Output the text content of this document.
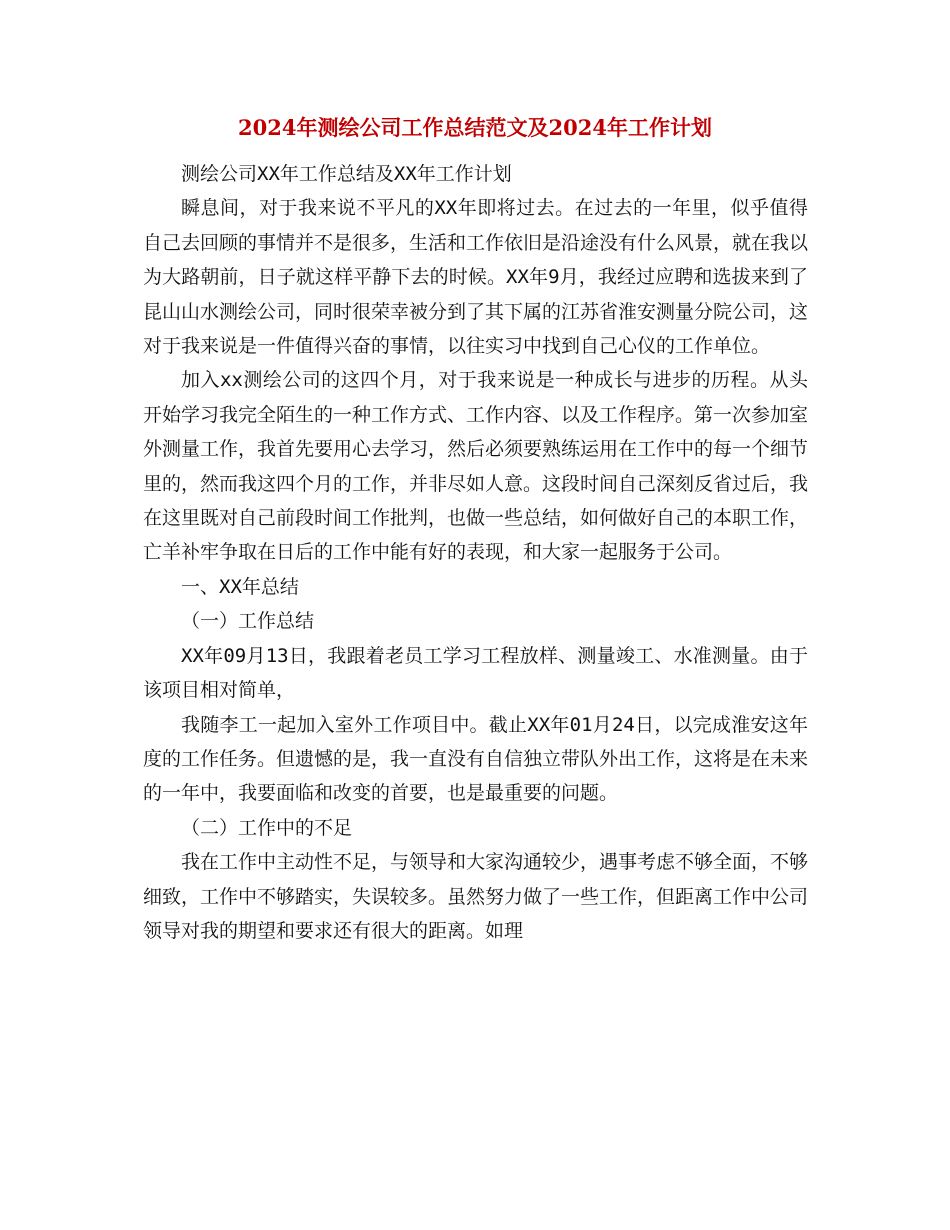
2024年测绘公司工作总结范文及2024年工作计划

测绘公司XX年工作总结及XX年工作计划

瞬息间，对于我来说不平凡的XX年即将过去。在过去的一年里，似乎值得自己去回顾的事情并不是很多，生活和工作依旧是沿途没有什么风景，就在我以为大路朝前，日子就这样平静下去的时候。XX年9月，我经过应聘和选拔来到了昆山山水测绘公司，同时很荣幸被分到了其下属的江苏省淮安测量分院公司，这对于我来说是一件值得兴奋的事情，以往实习中找到自己心仪的工作单位。

加入xx测绘公司的这四个月，对于我来说是一种成长与进步的历程。从头开始学习我完全陌生的一种工作方式、工作内容、以及工作程序。第一次参加室外测量工作，我首先要用心去学习，然后必须要熟练运用在工作中的每一个细节里的，然而我这四个月的工作，并非尽如人意。这段时间自己深刻反省过后，我在这里既对自己前段时间工作批判，也做一些总结，如何做好自己的本职工作，亡羊补牢争取在日后的工作中能有好的表现，和大家一起服务于公司。

一、XX年总结

（一）工作总结

XX年09月13日，我跟着老员工学习工程放样、测量竣工、水准测量。由于该项目相对简单，

我随李工一起加入室外工作项目中。截止XX年01月24日，以完成淮安这年度的工作任务。但遗憾的是，我一直没有自信独立带队外出工作，这将是在未来的一年中，我要面临和改变的首要，也是最重要的问题。

（二）工作中的不足

我在工作中主动性不足，与领导和大家沟通较少，遇事考虑不够全面，不够细致，工作中不够踏实，失误较多。虽然努力做了一些工作，但距离工作中公司领导对我的期望和要求还有很大的距离。如理
